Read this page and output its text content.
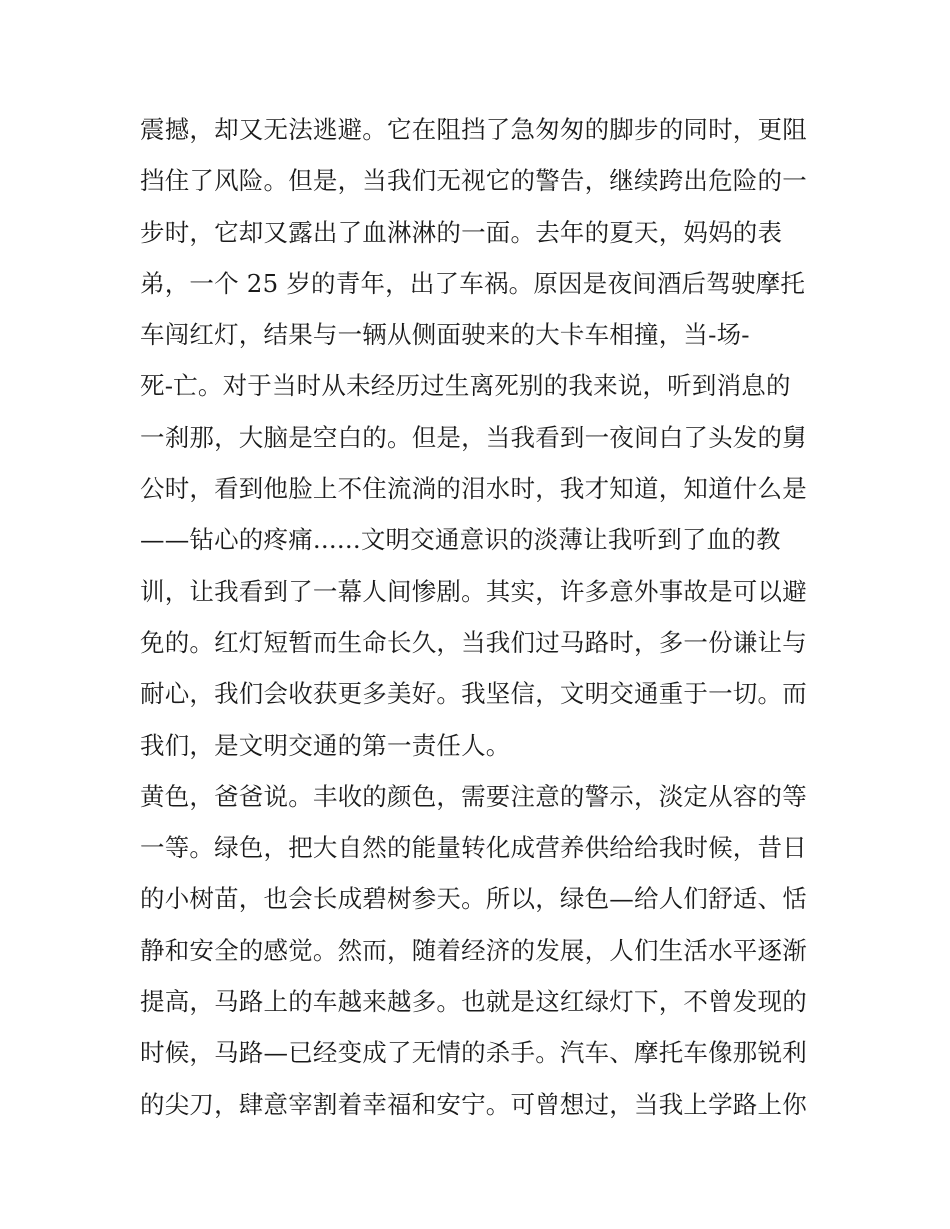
震撼，却又无法逃避。它在阻挡了急匆匆的脚步的同时，更阻
挡住了风险。但是，当我们无视它的警告，继续跨出危险的一
步时，它却又露出了血淋淋的一面。去年的夏天，妈妈的表
弟，一个 25 岁的青年，出了车祸。原因是夜间酒后驾驶摩托
车闯红灯，结果与一辆从侧面驶来的大卡车相撞，当-场-
死-亡。对于当时从未经历过生离死别的我来说，听到消息的
一刹那，大脑是空白的。但是，当我看到一夜间白了头发的舅
公时，看到他脸上不住流淌的泪水时，我才知道，知道什么是
——钻心的疼痛......文明交通意识的淡薄让我听到了血的教
训，让我看到了一幕人间惨剧。其实，许多意外事故是可以避
免的。红灯短暂而生命长久，当我们过马路时，多一份谦让与
耐心，我们会收获更多美好。我坚信，文明交通重于一切。而
我们，是文明交通的第一责任人。
黄色，爸爸说。丰收的颜色，需要注意的警示，淡定从容的等
一等。绿色，把大自然的能量转化成营养供给给我时候，昔日
的小树苗，也会长成碧树参天。所以，绿色—给人们舒适、恬
静和安全的感觉。然而，随着经济的发展，人们生活水平逐渐
提高，马路上的车越来越多。也就是这红绿灯下，不曾发现的
时候，马路—已经变成了无情的杀手。汽车、摩托车像那锐利
的尖刀，肆意宰割着幸福和安宁。可曾想过，当我上学路上你
